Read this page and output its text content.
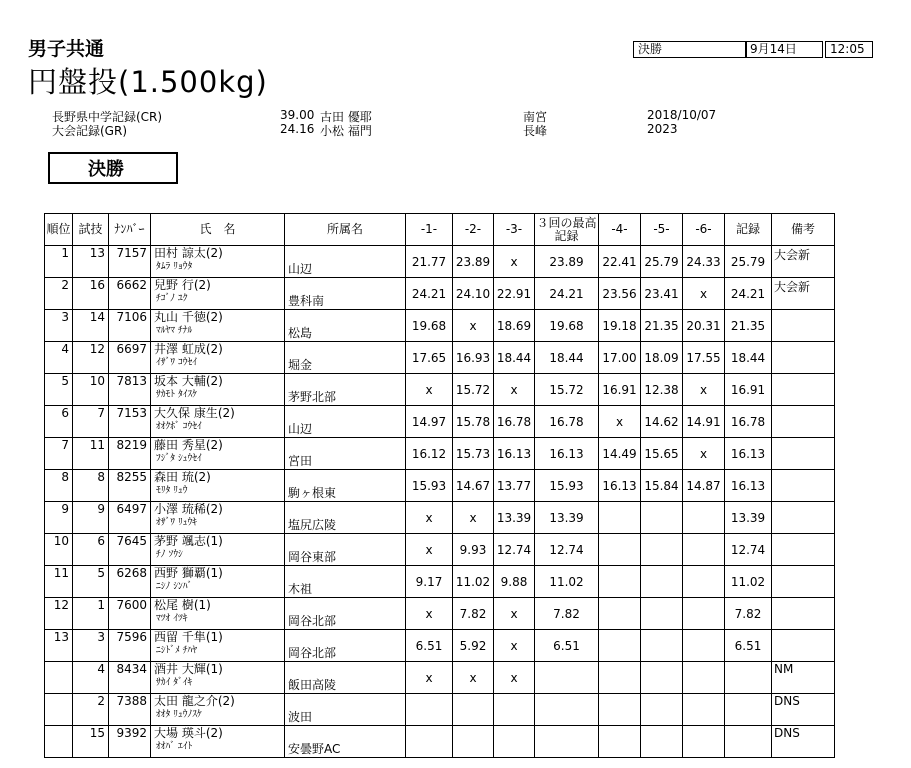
男子共通
円盤投(1.500kg)
決勝	9月14日	12:05
長野県中学記録(CR)	39.00 古田 優耶	南宮	2018/10/07
大会記録(GR)	24.16 小松 福門	長峰	2023
決勝
順位	試技	ﾅﾝﾊﾞｰ	氏　名	所属名	-1-	-2-	-3-	３回の最高記録	-4-	-5-	-6-	記録	備考
1	13	7157	田村 諒太(2)
ﾀﾑﾗ ﾘｮｳﾀ	山辺	21.77	23.89	x	23.89	22.41	25.79	24.33	25.79	大会新
2	16	6662	兒野 行(2)
ﾁｺﾞﾉ ﾕｸ	豊科南	24.21	24.10	22.91	24.21	23.56	23.41	x	24.21	大会新
3	14	7106	丸山 千徳(2)
ﾏﾙﾔﾏ ﾁﾅﾙ	松島	19.68	x	18.69	19.68	19.18	21.35	20.31	21.35	
4	12	6697	井澤 虹成(2)
ｲｻﾞﾜ ｺｳｾｲ	堀金	17.65	16.93	18.44	18.44	17.00	18.09	17.55	18.44	
5	10	7813	坂本 大輔(2)
ｻｶﾓﾄ ﾀｲｽｹ	茅野北部	x	15.72	x	15.72	16.91	12.38	x	16.91	
6	7	7153	大久保 康生(2)
ｵｵｸﾎﾞ ｺｳｾｲ	山辺	14.97	15.78	16.78	16.78	x	14.62	14.91	16.78	
7	11	8219	藤田 秀星(2)
ﾌｼﾞﾀ ｼｭｳｾｲ	宮田	16.12	15.73	16.13	16.13	14.49	15.65	x	16.13	
8	8	8255	森田 琉(2)
ﾓﾘﾀ ﾘｭｳ	駒ヶ根東	15.93	14.67	13.77	15.93	16.13	15.84	14.87	16.13	
9	9	6497	小澤 琉稀(2)
ｵｻﾞﾜ ﾘｭｳｷ	塩尻広陵	x	x	13.39	13.39				13.39	
10	6	7645	茅野 颯志(1)
ﾁﾉ ｿｳｼ	岡谷東部	x	9.93	12.74	12.74				12.74	
11	5	6268	西野 獅覇(1)
ﾆｼﾉ ｼﾝﾊﾞ	木祖	9.17	11.02	9.88	11.02				11.02	
12	1	7600	松尾 樹(1)
ﾏﾂｵ ｲﾂｷ	岡谷北部	x	7.82	x	7.82				7.82	
13	3	7596	西留 千隼(1)
ﾆｼﾄﾞﾒ ﾁﾊﾔ	岡谷北部	6.51	5.92	x	6.51				6.51	
	4	8434	酒井 大輝(1)
ｻｶｲ ﾀﾞｲｷ	飯田高陵	x	x	x						NM
	2	7388	太田 龍之介(2)
ｵｵﾀ ﾘｭｳﾉｽｹ	波田									DNS
	15	9392	大場 瑛斗(2)
ｵｵﾊﾞ ｴｲﾄ	安曇野AC									DNS
